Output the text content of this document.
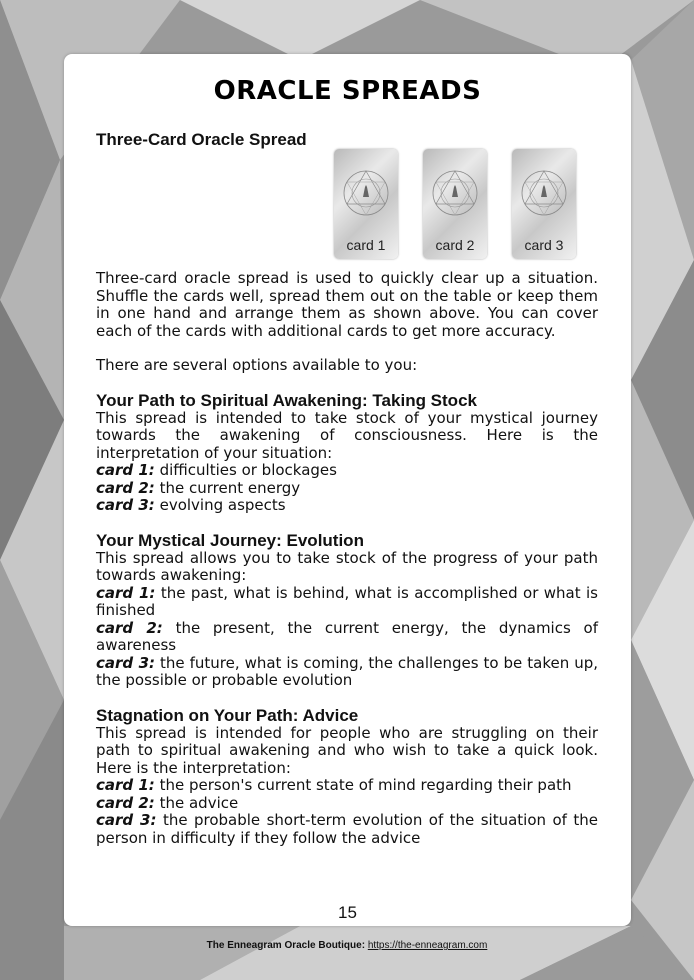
ORACLE SPREADS
Three-Card Oracle Spread
card 1	card 2	card 3

Three-card oracle spread is used to quickly clear up a situation. Shuffle the cards well, spread them out on the table or keep them in one hand and arrange them as shown above. You can cover each of the cards with additional cards to get more accuracy.

There are several options available to you:

Your Path to Spiritual Awakening: Taking Stock

This spread is intended to take stock of your mystical journey towards the awakening of consciousness. Here is the interpretation of your situation:

card 1: difficulties or blockages

card 2: the current energy

card 3: evolving aspects

Your Mystical Journey: Evolution

This spread allows you to take stock of the progress of your path towards awakening:

card 1: the past, what is behind, what is accomplished or what is finished

card 2: the present, the current energy, the dynamics of awareness

card 3: the future, what is coming, the challenges to be taken up, the possible or probable evolution

Stagnation on Your Path: Advice

This spread is intended for people who are struggling on their path to spiritual awakening and who wish to take a quick look. Here is the interpretation:

card 1: the person's current state of mind regarding their path

card 2: the advice

card 3: the probable short-term evolution of the situation of the person in difficulty if they follow the advice

15
The Enneagram Oracle Boutique: https://the-enneagram.com
